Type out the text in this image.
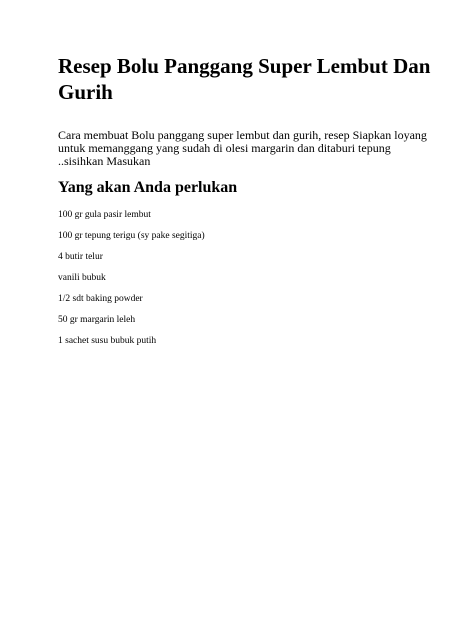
Resep Bolu Panggang Super Lembut Dan Gurih

Cara membuat Bolu panggang super lembut dan gurih, resep Siapkan loyang untuk memanggang yang sudah di olesi margarin dan ditaburi tepung ..sisihkan Masukan

Yang akan Anda perlukan
100 gr gula pasir lembut
100 gr tepung terigu (sy pake segitiga)
4 butir telur
vanili bubuk
1/2 sdt baking powder
50 gr margarin leleh
1 sachet susu bubuk putih
